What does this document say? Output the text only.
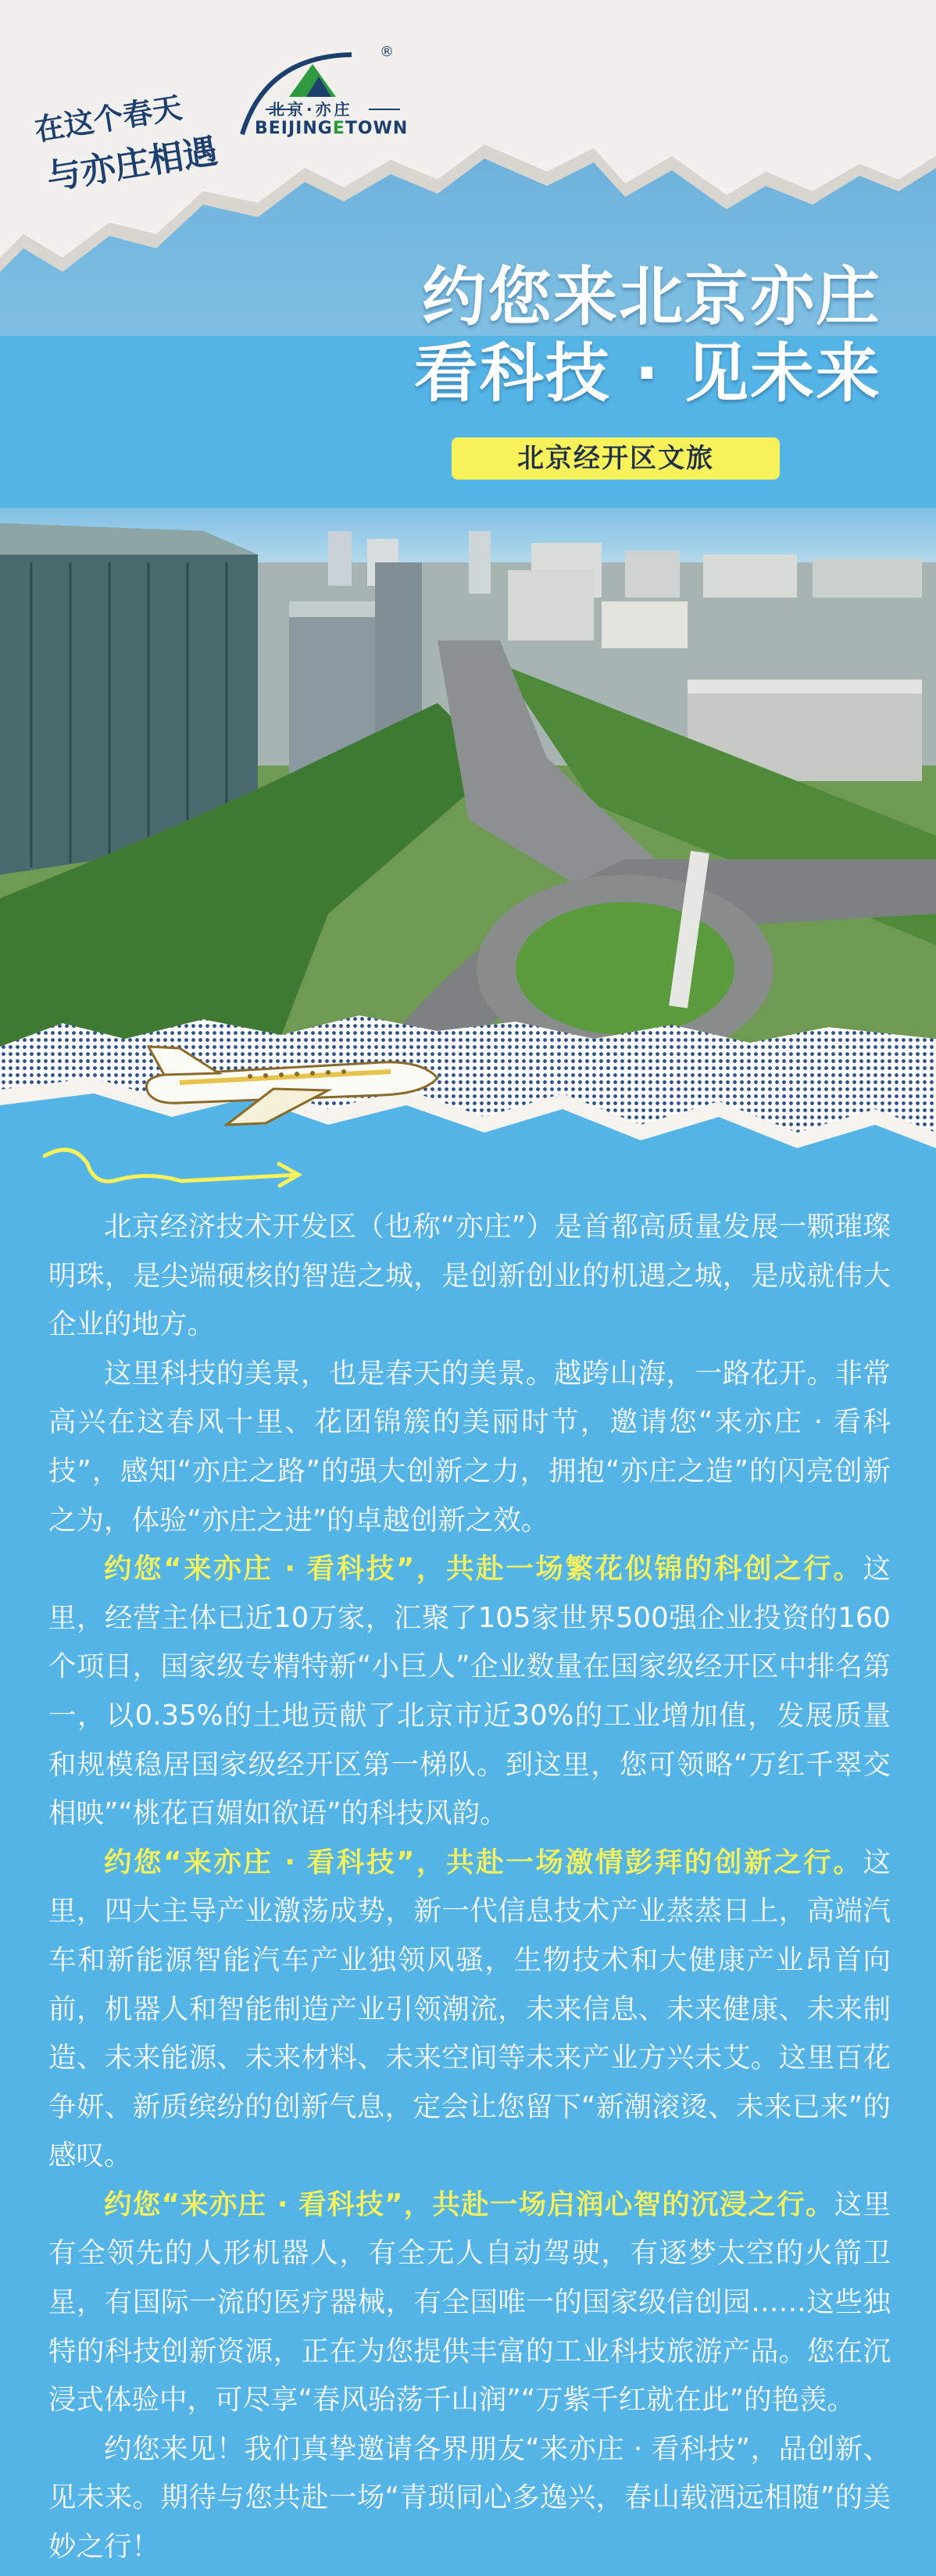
在这个春天
与亦庄相遇
北京·亦庄
BEIJINGETOWN
®
约您来北京亦庄
看科技 · 见未来
北京经开区文旅

北京经济技术开发区（也称“亦庄”）是首都高质量发展一颗璀璨明珠，是尖端硬核的智造之城，是创新创业的机遇之城，是成就伟大企业的地方。

这里科技的美景，也是春天的美景。越跨山海，一路花开。非常高兴在这春风十里、花团锦簇的美丽时节，邀请您“来亦庄 · 看科技”，感知“亦庄之路”的强大创新之力，拥抱“亦庄之造”的闪亮创新之为，体验“亦庄之进”的卓越创新之效。

约您“来亦庄 · 看科技”，共赴一场繁花似锦的科创之行。这里，经营主体已近10万家，汇聚了105家世界500强企业投资的160个项目，国家级专精特新“小巨人”企业数量在国家级经开区中排名第一，以0.35%的土地贡献了北京市近30%的工业增加值，发展质量和规模稳居国家级经开区第一梯队。到这里，您可领略“万红千翠交相映”“桃花百媚如欲语”的科技风韵。

约您“来亦庄 · 看科技”，共赴一场激情彭拜的创新之行。这里，四大主导产业激荡成势，新一代信息技术产业蒸蒸日上，高端汽车和新能源智能汽车产业独领风骚，生物技术和大健康产业昂首向前，机器人和智能制造产业引领潮流，未来信息、未来健康、未来制造、未来能源、未来材料、未来空间等未来产业方兴未艾。这里百花争妍、新质缤纷的创新气息，定会让您留下“新潮滚烫、未来已来”的感叹。

约您“来亦庄 · 看科技”，共赴一场启润心智的沉浸之行。这里有全领先的人形机器人，有全无人自动驾驶，有逐梦太空的火箭卫星，有国际一流的医疗器械，有全国唯一的国家级信创园……这些独特的科技创新资源，正在为您提供丰富的工业科技旅游产品。您在沉浸式体验中，可尽享“春风骀荡千山润”“万紫千红就在此”的艳羡。

约您来见！我们真挚邀请各界朋友“来亦庄 · 看科技”，品创新、见未来。期待与您共赴一场“青琐同心多逸兴，春山载酒远相随”的美妙之行！
